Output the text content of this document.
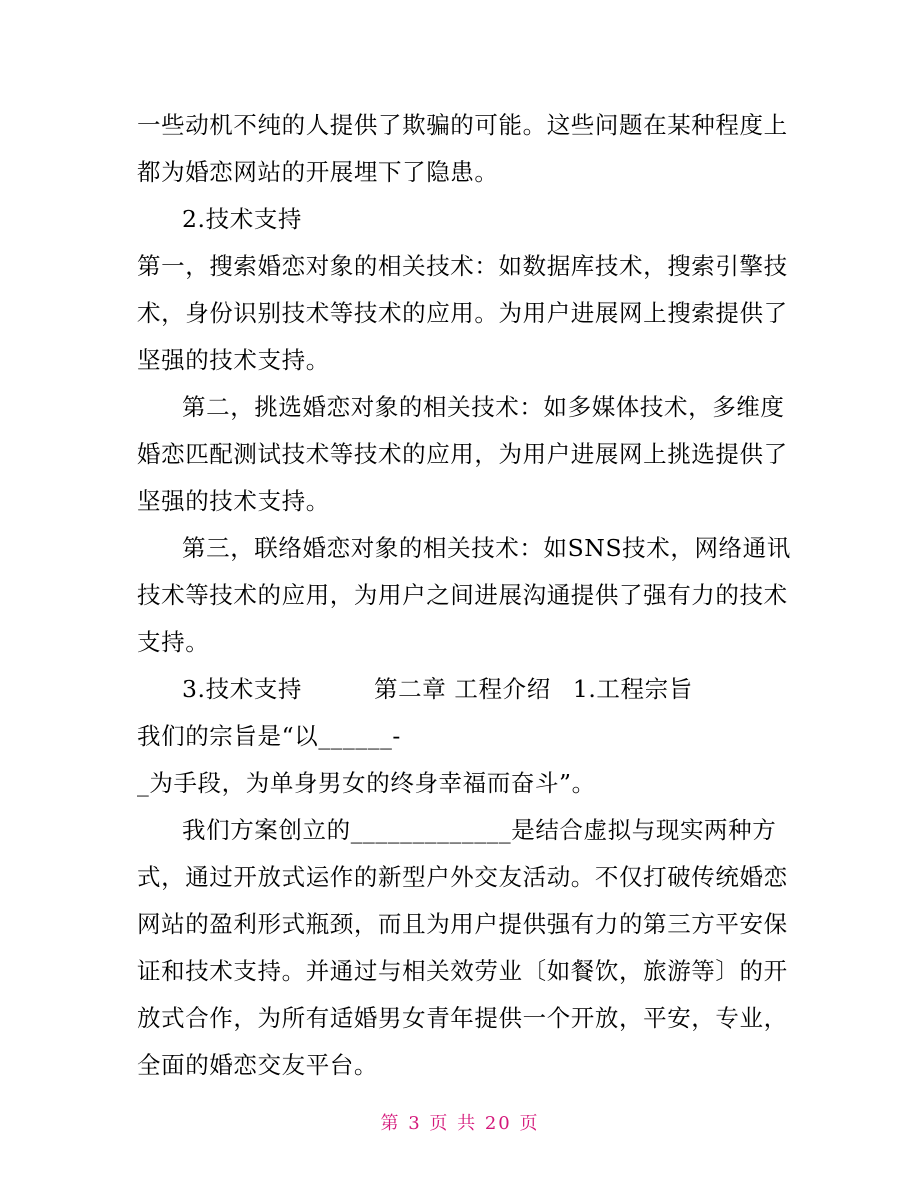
一些动机不纯的人提供了欺骗的可能。这些问题在某种程度上
都为婚恋网站的开展埋下了隐患。
2.技术支持
第一，搜索婚恋对象的相关技术：如数据库技术，搜索引擎技
术，身份识别技术等技术的应用。为用户进展网上搜索提供了
坚强的技术支持。
第二，挑选婚恋对象的相关技术：如多媒体技术，多维度
婚恋匹配测试技术等技术的应用，为用户进展网上挑选提供了
坚强的技术支持。
第三，联络婚恋对象的相关技术：如SNS技术，网络通讯
技术等技术的应用，为用户之间进展沟通提供了强有力的技术
支持。
3.技术支持	第二章 工程介绍 1.工程宗旨
我们的宗旨是“以______-
_为手段，为单身男女的终身幸福而奋斗”。
我们方案创立的_____________是结合虚拟与现实两种方
式，通过开放式运作的新型户外交友活动。不仅打破传统婚恋
网站的盈利形式瓶颈，而且为用户提供强有力的第三方平安保
证和技术支持。并通过与相关效劳业〔如餐饮，旅游等〕的开
放式合作，为所有适婚男女青年提供一个开放，平安，专业，
全面的婚恋交友平台。
第 3 页 共 20 页
